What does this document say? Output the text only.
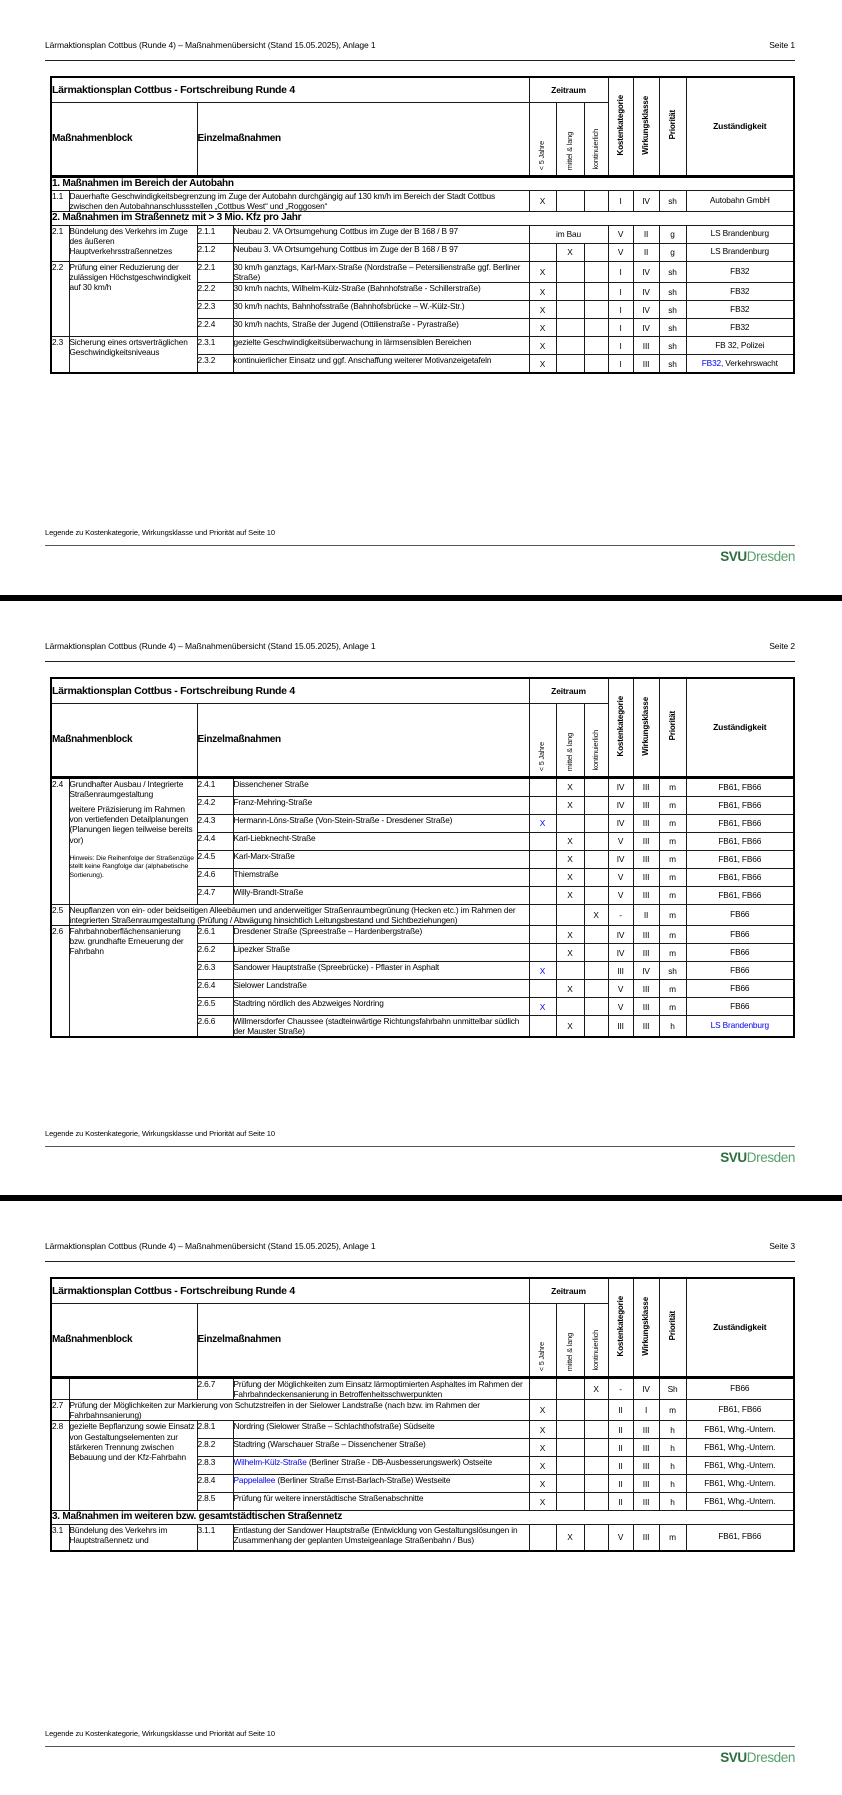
Lärmaktionsplan Cottbus (Runde 4) – Maßnahmenübersicht (Stand 15.05.2025), Anlage 1	Seite 1
Lärmaktionsplan Cottbus - Fortschreibung Runde 4				Zeitraum			Kostenkategorie	Wirkungsklasse	Priorität	Zuständigkeit
Maßnahmenblock		Einzelmaßnahmen		< 5 Jahre	mittel & lang	kontinuierlich				
1. Maßnahmen im Bereich der Autobahn										
1.1	Dauerhafte Geschwindigkeitsbegrenzung im Zuge der Autobahn durchgängig auf 130 km/h im Bereich der Stadt Cottbus zwischen den Autobahnanschlussstellen „Cottbus West“ und „Roggosen“			X			I	IV	sh	Autobahn GmbH
2. Maßnahmen im Straßennetz mit > 3 Mio. Kfz pro Jahr										
2.1	Bündelung des Verkehrs im Zuge des äußeren Hauptverkehrsstraßennetzes	2.1.1	Neubau 2. VA Ortsumgehung Cottbus im Zuge der B 168 / B 97	im Bau			V	II	g	LS Brandenburg
		2.1.2	Neubau 3. VA Ortsumgehung Cottbus im Zuge der B 168 / B 97		X		V	II	g	LS Brandenburg
2.2	Prüfung einer Reduzierung der zulässigen Höchstgeschwindigkeit auf 30 km/h	2.2.1	30 km/h ganztags, Karl-Marx-Straße (Nordstraße – Petersilienstraße ggf. Berliner Straße)	X			I	IV	sh	FB32
		2.2.2	30 km/h nachts, Wilhelm-Külz-Straße (Bahnhofstraße - Schillerstraße)	X			I	IV	sh	FB32
		2.2.3	30 km/h nachts, Bahnhofsstraße (Bahnhofsbrücke – W.-Külz-Str.)	X			I	IV	sh	FB32
		2.2.4	30 km/h nachts, Straße der Jugend (Ottilienstraße - Pyrastraße)	X			I	IV	sh	FB32
2.3	Sicherung eines ortsverträglichen Geschwindigkeitsniveaus	2.3.1	gezielte Geschwindigkeitsüberwachung in lärmsensiblen Bereichen	X			I	III	sh	FB 32, Polizei
		2.3.2	kontinuierlicher Einsatz und ggf. Anschaffung weiterer Motivanzeigetafeln	X			I	III	sh	FB32, Verkehrswacht
Legende zu Kostenkategorie, Wirkungsklasse und Priorität auf Seite 10
SVUDresden
Lärmaktionsplan Cottbus (Runde 4) – Maßnahmenübersicht (Stand 15.05.2025), Anlage 1	Seite 2
Lärmaktionsplan Cottbus - Fortschreibung Runde 4				Zeitraum			Kostenkategorie	Wirkungsklasse	Priorität	Zuständigkeit
Maßnahmenblock		Einzelmaßnahmen		< 5 Jahre	mittel & lang	kontinuierlich				
2.4	Grundhafter Ausbau / Integrierte Straßenraumgestaltung
weitere Präzisierung im Rahmen von vertiefenden Detailplanungen (Planungen liegen teilweise bereits vor)
Hinweis: Die Reihenfolge der Straßenzüge stellt keine Rangfolge dar (alphabetische Sortierung).	2.4.1	Dissenchener Straße		X		IV	III	m	FB61, FB66
		2.4.2	Franz-Mehring-Straße		X		IV	III	m	FB61, FB66
		2.4.3	Hermann-Löns-Straße (Von-Stein-Straße - Dresdener Straße)	X			IV	III	m	FB61, FB66
		2.4.4	Karl-Liebknecht-Straße		X		V	III	m	FB61, FB66
		2.4.5	Karl-Marx-Straße		X		IV	III	m	FB61, FB66
		2.4.6	Thiemstraße		X		V	III	m	FB61, FB66
		2.4.7	Willy-Brandt-Straße		X		V	III	m	FB61, FB66
2.5	Neupflanzen von ein- oder beidseitigen Alleebäumen und anderweitiger Straßenraumbegrünung (Hecken etc.) im Rahmen der integrierten Straßenraumgestaltung (Prüfung / Abwägung hinsichtlich Leitungsbestand und Sichtbeziehungen)					X	-	II	m	FB66
2.6	Fahrbahnoberflächensanierung bzw. grundhafte Erneuerung der Fahrbahn	2.6.1	Dresdener Straße (Spreestraße – Hardenbergstraße)		X		IV	III	m	FB66
		2.6.2	Lipezker Straße		X		IV	III	m	FB66
		2.6.3	Sandower Hauptstraße (Spreebrücke) - Pflaster in Asphalt	X			III	IV	sh	FB66
		2.6.4	Sielower Landstraße		X		V	III	m	FB66
		2.6.5	Stadtring nördlich des Abzweiges Nordring	X			V	III	m	FB66
		2.6.6	Willmersdorfer Chaussee (stadteinwärtige Richtungsfahrbahn unmittelbar südlich der Mauster Straße)		X		III	III	h	LS Brandenburg
Legende zu Kostenkategorie, Wirkungsklasse und Priorität auf Seite 10
SVUDresden
Lärmaktionsplan Cottbus (Runde 4) – Maßnahmenübersicht (Stand 15.05.2025), Anlage 1	Seite 3
Lärmaktionsplan Cottbus - Fortschreibung Runde 4				Zeitraum			Kostenkategorie	Wirkungsklasse	Priorität	Zuständigkeit
Maßnahmenblock		Einzelmaßnahmen		< 5 Jahre	mittel & lang	kontinuierlich				
		2.6.7	Prüfung der Möglichkeiten zum Einsatz lärmoptimierten Asphaltes im Rahmen der Fahrbahndeckensanierung in Betroffenheitsschwerpunkten			X	-	IV	Sh	FB66
2.7	Prüfung der Möglichkeiten zur Markierung von Schutzstreifen in der Sielower Landstraße (nach bzw. im Rahmen der Fahrbahnsanierung)			X			II	I	m	FB61, FB66
2.8	gezielte Bepflanzung sowie Einsatz von Gestaltungselementen zur stärkeren Trennung zwischen Bebauung und der Kfz-Fahrbahn	2.8.1	Nordring (Sielower Straße – Schlachthofstraße) Südseite	X			II	III	h	FB61, Whg.-Untern.
		2.8.2	Stadtring (Warschauer Straße – Dissenchener Straße)	X			II	III	h	FB61, Whg.-Untern.
		2.8.3	Wilhelm-Külz-Straße (Berliner Straße - DB-Ausbesserungswerk) Ostseite	X			II	III	h	FB61, Whg.-Untern.
		2.8.4	Pappelallee (Berliner Straße Ernst-Barlach-Straße) Westseite	X			II	III	h	FB61, Whg.-Untern.
		2.8.5	Prüfung für weitere innerstädtische Straßenabschnitte	X			II	III	h	FB61, Whg.-Untern.
3. Maßnahmen im weiteren bzw. gesamtstädtischen Straßennetz										
3.1	Bündelung des Verkehrs im Hauptstraßennetz und	3.1.1	Entlastung der Sandower Hauptstraße (Entwicklung von Gestaltungslösungen in Zusammenhang der geplanten Umsteigeanlage Straßenbahn / Bus)		X		V	III	m	FB61, FB66
Legende zu Kostenkategorie, Wirkungsklasse und Priorität auf Seite 10
SVUDresden
